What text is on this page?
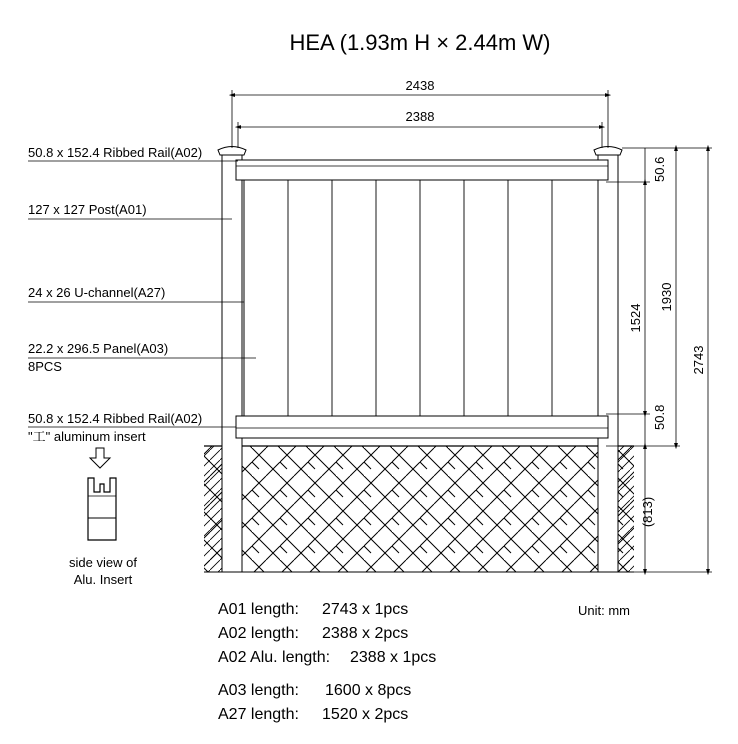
HEA (1.93m H × 2.44m W)
2438
2388
50.6
1524
1930
2743
50.8
(813)
50.8 x 152.4 Ribbed Rail(A02)
127 x 127 Post(A01)
24 x 26 U-channel(A27)
22.2 x 296.5 Panel(A03)
8PCS
50.8 x 152.4 Ribbed Rail(A02)
"工" aluminum insert
side view of
Alu. Insert
A01 length: 2743 x 1pcs
A02 length: 2388 x 2pcs
A02 Alu. length: 2388 x 1pcs
A03 length: 1600 x 8pcs
A27 length: 1520 x 2pcs
Unit: mm
